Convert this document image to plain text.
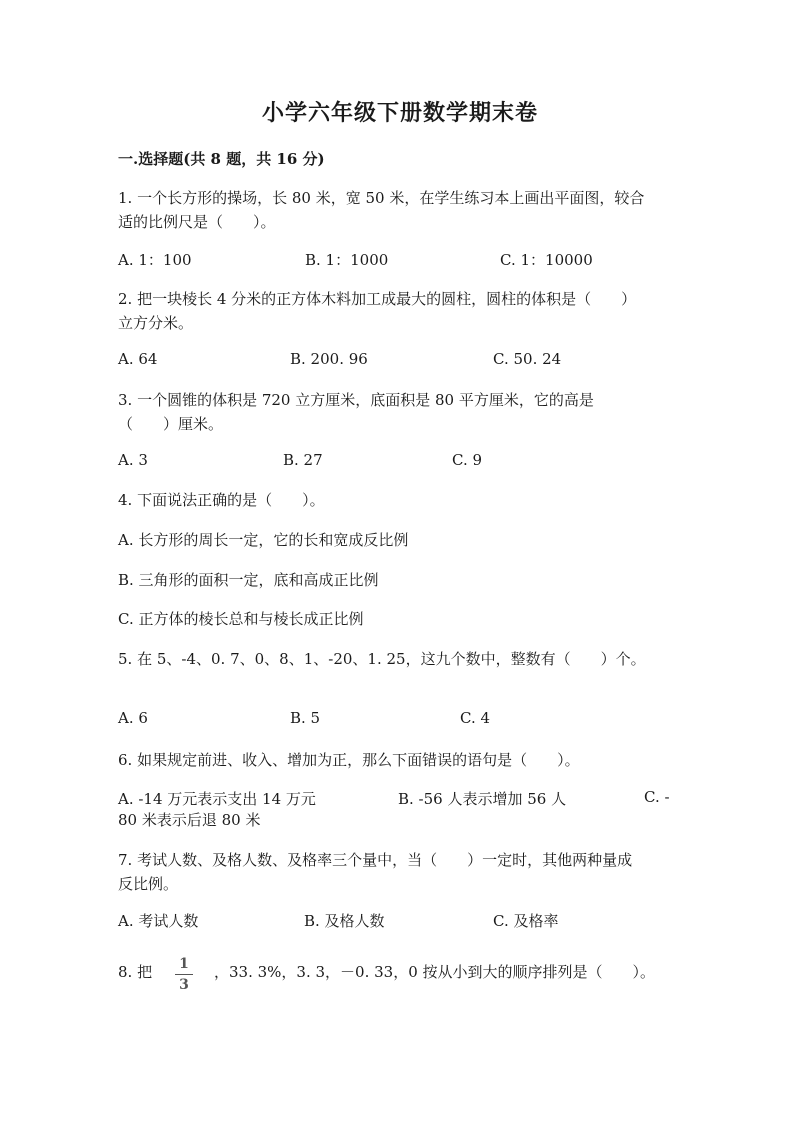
小学六年级下册数学期末卷
一.选择题(共 8 题，共 16 分)
1. 一个长方形的操场，长 80 米，宽 50 米，在学生练习本上画出平面图，较合
适的比例尺是（　　）。
A. 1：100	B. 1：1000	C. 1：10000
2. 把一块棱长 4 分米的正方体木料加工成最大的圆柱，圆柱的体积是（　　）
立方分米。
A. 64	B. 200. 96	C. 50. 24
3. 一个圆锥的体积是 720 立方厘米，底面积是 80 平方厘米，它的高是
（　　）厘米。
A. 3	B. 27	C. 9
4. 下面说法正确的是（　　）。
A. 长方形的周长一定，它的长和宽成反比例
B. 三角形的面积一定，底和高成正比例
C. 正方体的棱长总和与棱长成正比例
5. 在 5、-4、0. 7、0、8、1、-20、1. 25，这九个数中，整数有（　　）个。
A. 6	B. 5	C. 4
6. 如果规定前进、收入、增加为正，那么下面错误的语句是（　　）。
A. -14 万元表示支出 14 万元	B. -56 人表示增加 56 人	C. -
80 米表示后退 80 米
7. 考试人数、及格人数、及格率三个量中，当（　　）一定时，其他两种量成
反比例。
A. 考试人数	B. 及格人数	C. 及格率
8. 把 1
3
，33. 3%，3. 3，－0. 33，0 按从小到大的顺序排列是（　　）。
